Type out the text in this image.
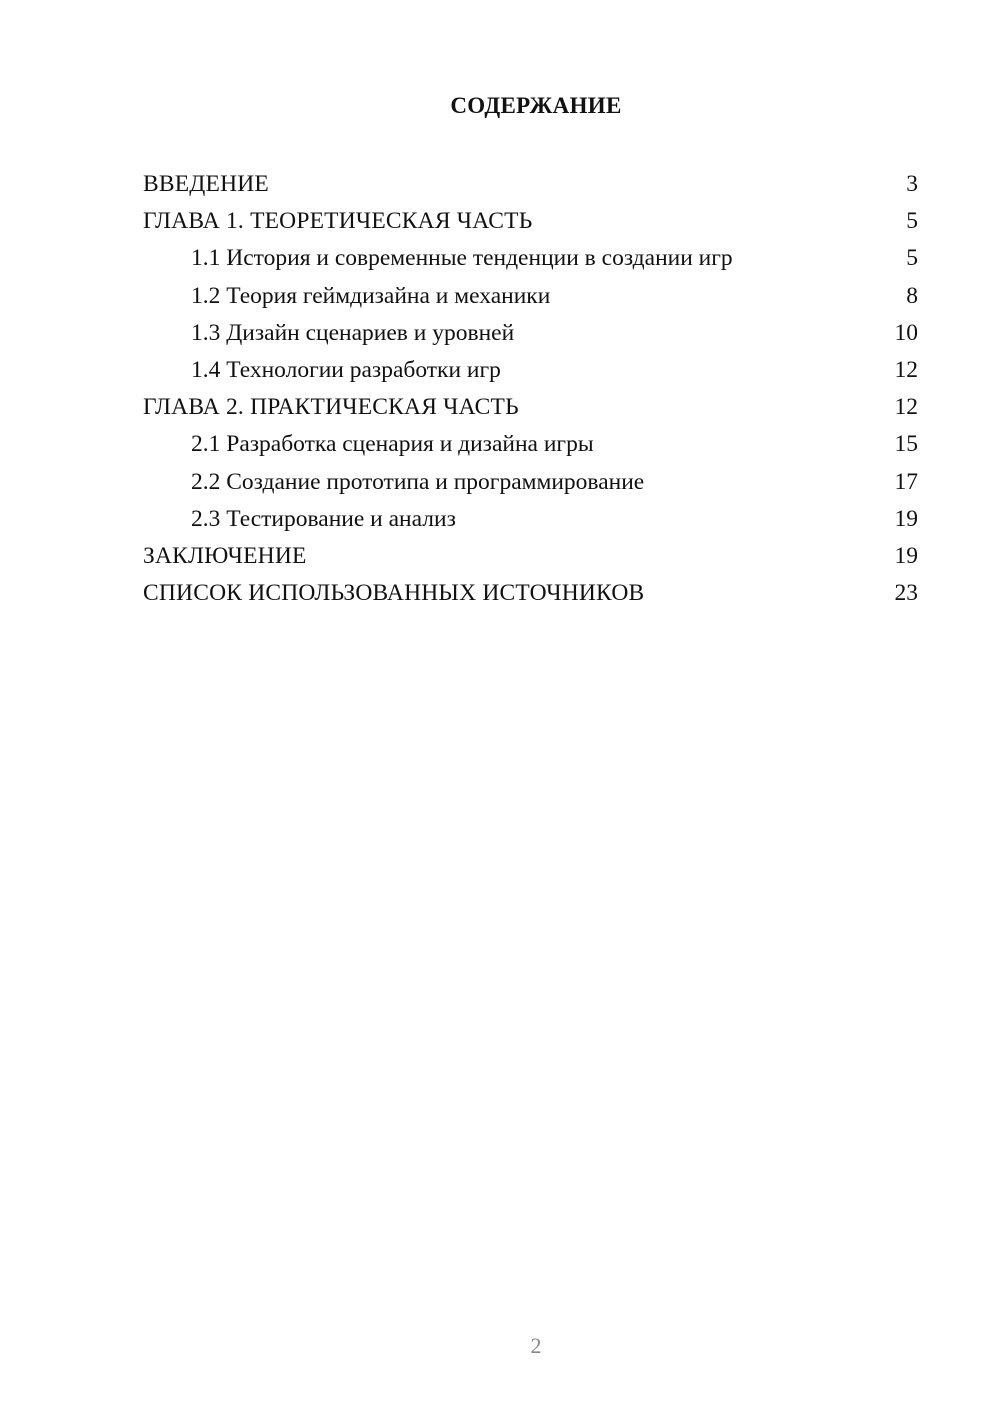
СОДЕРЖАНИЕ
ВВЕДЕНИЕ	3
ГЛАВА 1. ТЕОРЕТИЧЕСКАЯ ЧАСТЬ	5
1.1 История и современные тенденции в создании игр	5
1.2 Теория геймдизайна и механики	8
1.3 Дизайн сценариев и уровней	10
1.4 Технологии разработки игр	12
ГЛАВА 2. ПРАКТИЧЕСКАЯ ЧАСТЬ	12
2.1 Разработка сценария и дизайна игры	15
2.2 Создание прототипа и программирование	17
2.3 Тестирование и анализ	19
ЗАКЛЮЧЕНИЕ	19
СПИСОК ИСПОЛЬЗОВАННЫХ ИСТОЧНИКОВ	23
2
